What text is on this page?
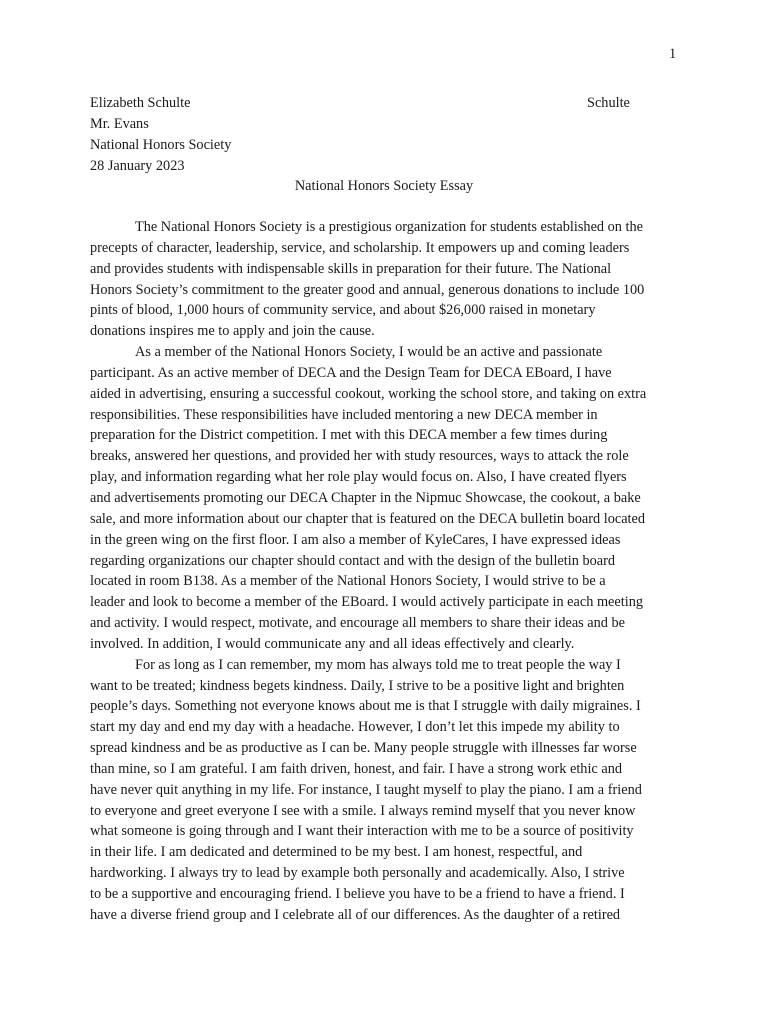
1
Schulte
Elizabeth Schulte
Mr. Evans
National Honors Society
28 January 2023
National Honors Society Essay
The National Honors Society is a prestigious organization for students established on the
precepts of character, leadership, service, and scholarship. It empowers up and coming leaders
and provides students with indispensable skills in preparation for their future. The National
Honors Society’s commitment to the greater good and annual, generous donations to include 100
pints of blood, 1,000 hours of community service, and about $26,000 raised in monetary
donations inspires me to apply and join the cause.
As a member of the National Honors Society, I would be an active and passionate
participant. As an active member of DECA and the Design Team for DECA EBoard, I have
aided in advertising, ensuring a successful cookout, working the school store, and taking on extra
responsibilities. These responsibilities have included mentoring a new DECA member in
preparation for the District competition. I met with this DECA member a few times during
breaks, answered her questions, and provided her with study resources, ways to attack the role
play, and information regarding what her role play would focus on. Also, I have created flyers
and advertisements promoting our DECA Chapter in the Nipmuc Showcase, the cookout, a bake
sale, and more information about our chapter that is featured on the DECA bulletin board located
in the green wing on the first floor. I am also a member of KyleCares, I have expressed ideas
regarding organizations our chapter should contact and with the design of the bulletin board
located in room B138. As a member of the National Honors Society, I would strive to be a
leader and look to become a member of the EBoard. I would actively participate in each meeting
and activity. I would respect, motivate, and encourage all members to share their ideas and be
involved. In addition, I would communicate any and all ideas effectively and clearly.
For as long as I can remember, my mom has always told me to treat people the way I
want to be treated; kindness begets kindness. Daily, I strive to be a positive light and brighten
people’s days. Something not everyone knows about me is that I struggle with daily migraines. I
start my day and end my day with a headache. However, I don’t let this impede my ability to
spread kindness and be as productive as I can be. Many people struggle with illnesses far worse
than mine, so I am grateful. I am faith driven, honest, and fair. I have a strong work ethic and
have never quit anything in my life. For instance, I taught myself to play the piano. I am a friend
to everyone and greet everyone I see with a smile. I always remind myself that you never know
what someone is going through and I want their interaction with me to be a source of positivity
in their life. I am dedicated and determined to be my best. I am honest, respectful, and
hardworking. I always try to lead by example both personally and academically. Also, I strive
to be a supportive and encouraging friend. I believe you have to be a friend to have a friend. I
have a diverse friend group and I celebrate all of our differences. As the daughter of a retired
